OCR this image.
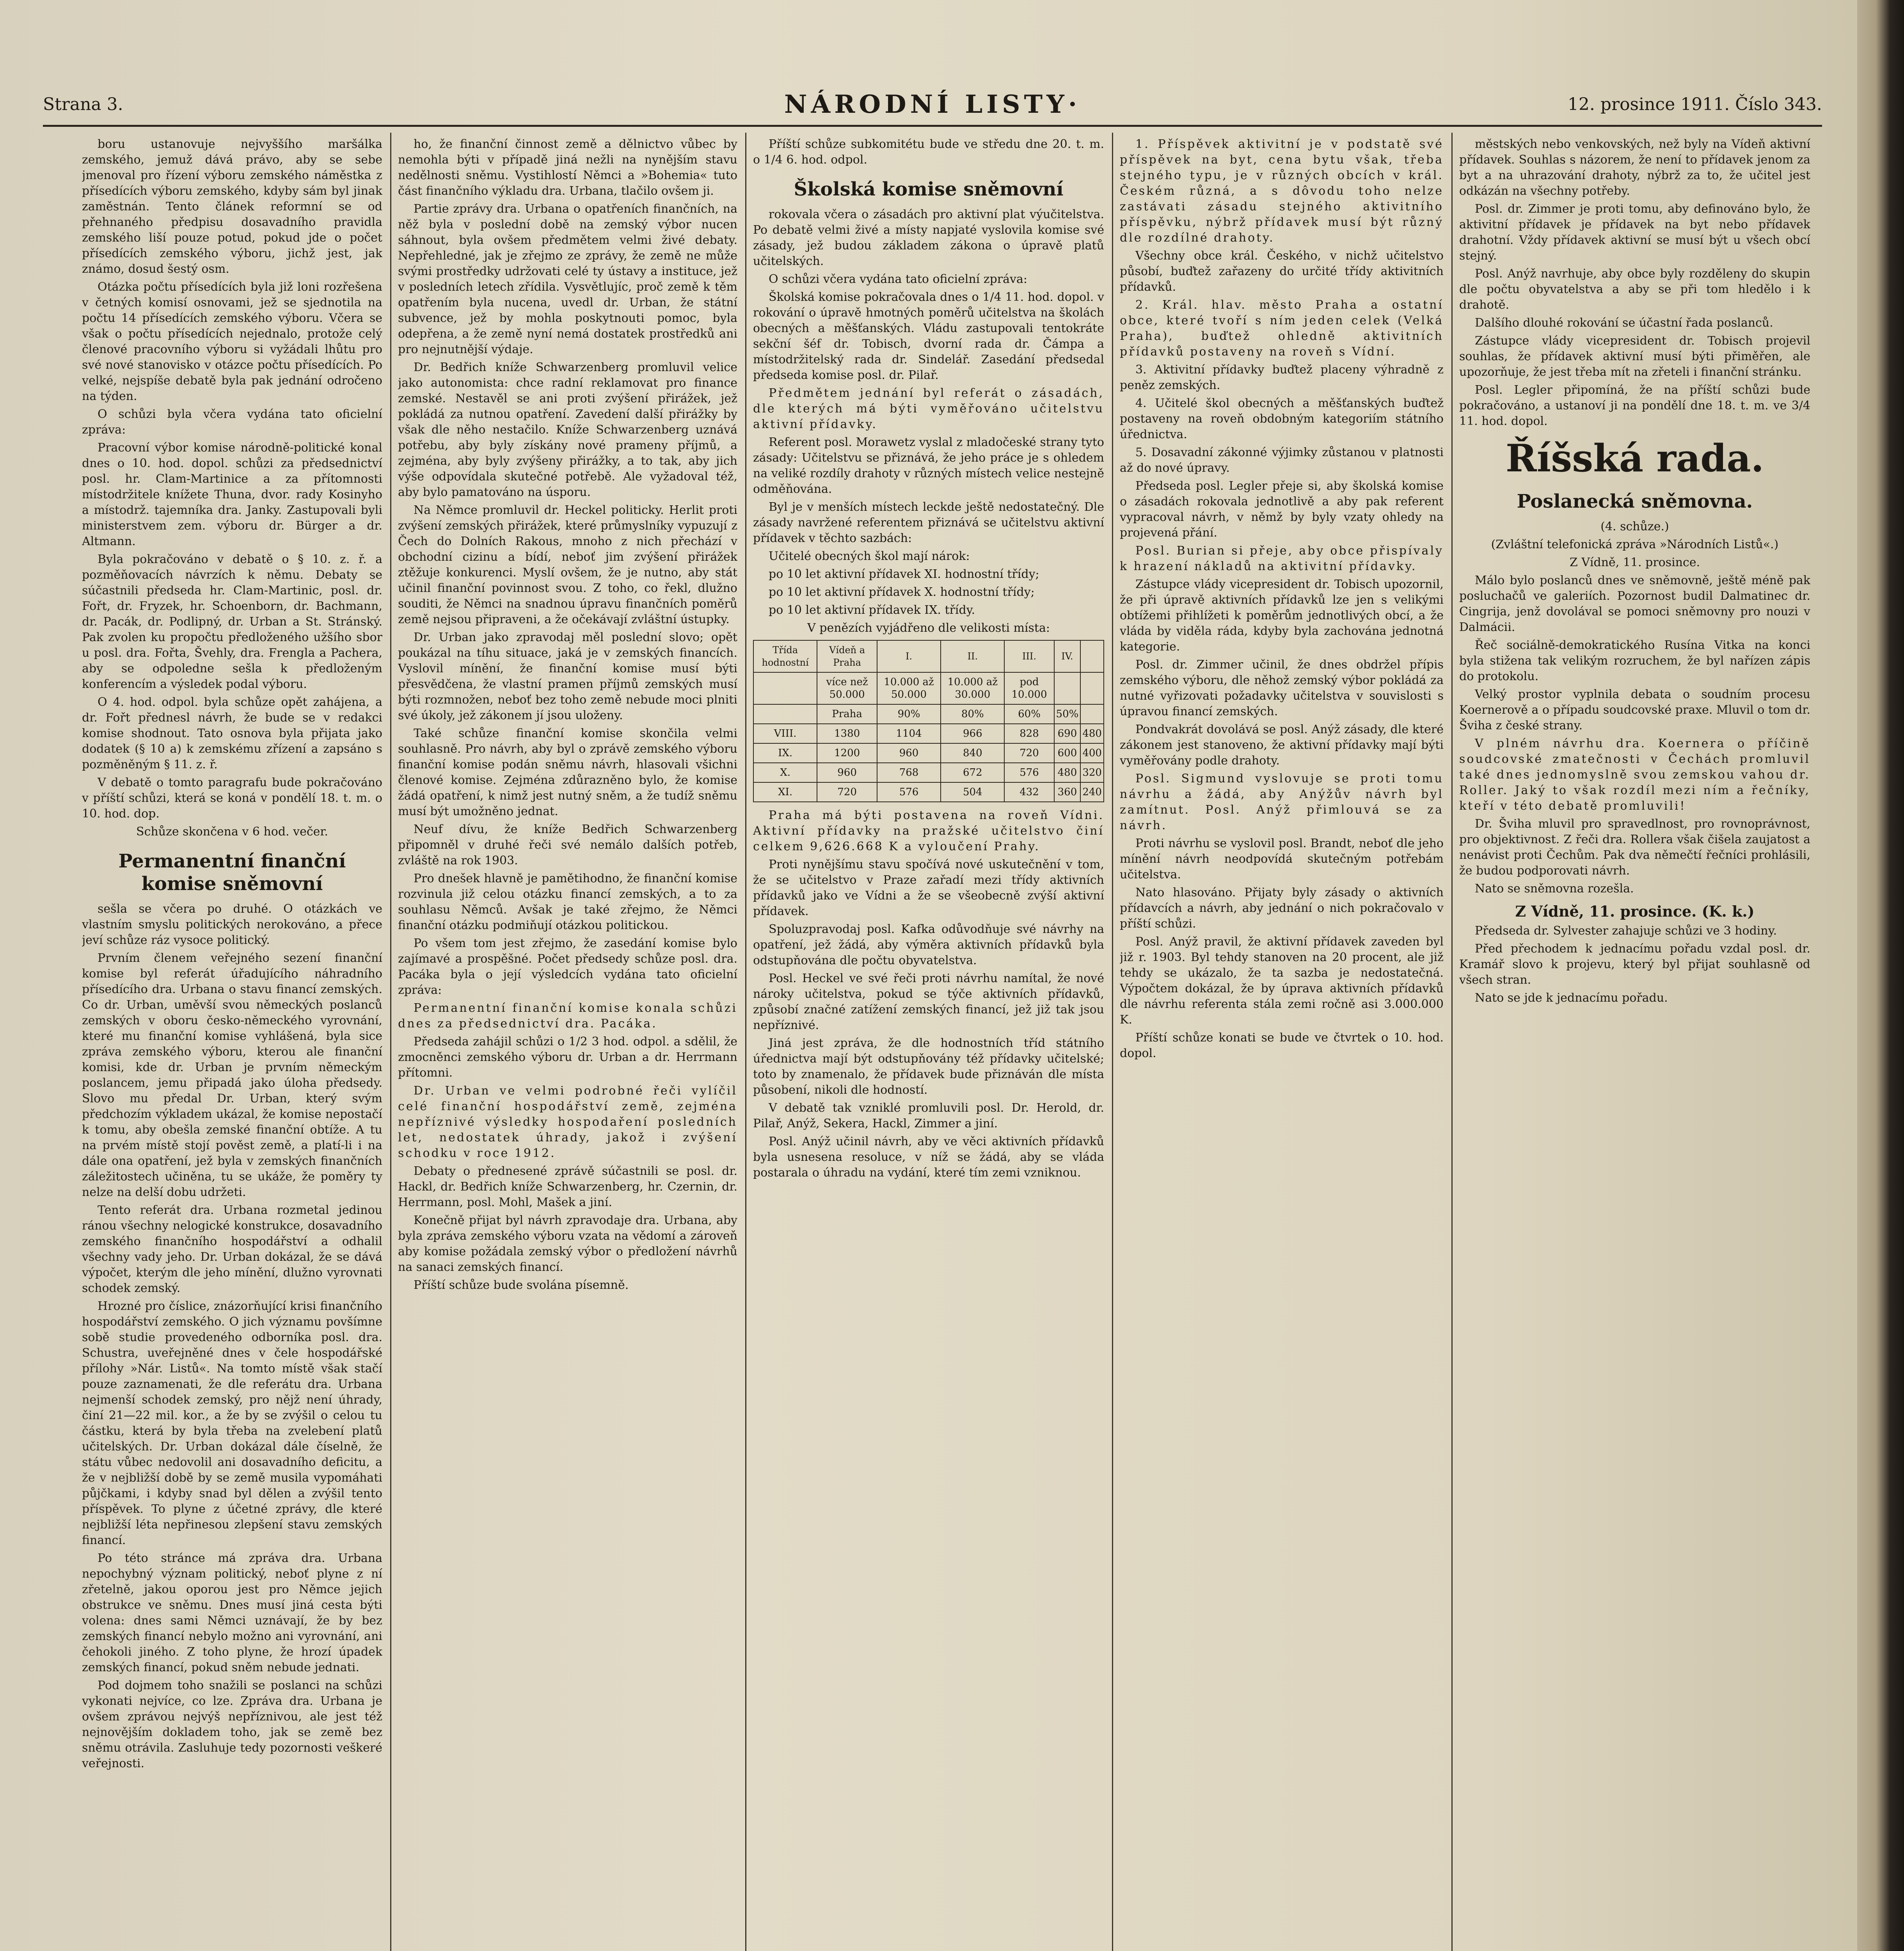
Strana 3.	NÁRODNÍ LISTY·	12. prosince 1911. Číslo 343.

boru ustanovuje nejvyššího maršálka zemského, jemuž dává právo, aby se sebe jmenoval pro řízení výboru zemského náměstka z přísedících výboru zemského, kdyby sám byl jinak zaměstnán. Tento článek reformní se od přehnaného předpisu dosavadního pravidla zemského liší pouze potud, pokud jde o počet přísedících zemského výboru, jichž jest, jak známo, dosud šestý osm.

Otázka počtu přísedících byla již loni rozřešena v četných komisí osnovami, jež se sjednotila na počtu 14 přísedících zemského výboru. Včera se však o počtu přísedících nejednalo, protože celý členové pracovního výboru si vyžádali lhůtu pro své nové stanovisko v otázce počtu přísedících. Po velké, nejspíše debatě byla pak jednání odročeno na týden.

O schůzi byla včera vydána tato oficielní zpráva:

Pracovní výbor komise národně-politické konal dnes o 10. hod. dopol. schůzi za předsednictví posl. hr. Clam-Martinice a za přítomnosti místodržitele knížete Thuna, dvor. rady Kosinyho a místodrž. tajemníka dra. Janky. Zastupovali byli ministerstvem zem. výboru dr. Bürger a dr. Altmann.

Byla pokračováno v debatě o § 10. z. ř. a pozměňovacích návrzích k němu. Debaty se súčastnili předseda hr. Clam-Martinic, posl. dr. Fořt, dr. Fryzek, hr. Schoenborn, dr. Bachmann, dr. Pacák, dr. Podlipný, dr. Urban a St. Stránský. Pak zvolen ku propočtu předloženého užšího sbor u posl. dra. Fořta, Švehly, dra. Frengla a Pachera, aby se odpoledne sešla k předloženým konferencím a výsledek podal výboru.

O 4. hod. odpol. byla schůze opět zahájena, a dr. Fořt přednesl návrh, že bude se v redakci komise shodnout. Tato osnova byla přijata jako dodatek (§ 10 a) k zemskému zřízení a zapsáno s pozměněným § 11. z. ř.

V debatě o tomto paragrafu bude pokračováno v příští schůzi, která se koná v pondělí 18. t. m. o 10. hod. dop.

Schůze skončena v 6 hod. večer.

Permanentní finanční komise sněmovní

sešla se včera po druhé. O otázkách ve vlastním smyslu politických nerokováno, a přece jeví schůze ráz vysoce politický.

Prvním členem veřejného sezení finanční komise byl referát úřadujícího náhradního přísedícího dra. Urbana o stavu financí zemských. Co dr. Urban, uměvší svou německých poslanců zemských v oboru česko-německého vyrovnání, které mu finanční komise vyhlášená, byla sice zpráva zemského výboru, kterou ale finanční komisi, kde dr. Urban je prvním německým poslancem, jemu připadá jako úloha předsedy. Slovo mu předal Dr. Urban, který svým předchozím výkladem ukázal, že komise nepostačí k tomu, aby obešla zemské finanční obtíže. A tu na prvém místě stojí pověst země, a platí-li i na dále ona opatření, jež byla v zemských finančních záležitostech učiněna, tu se ukáže, že poměry ty nelze na delší dobu udržeti.

Tento referát dra. Urbana rozmetal jedinou ránou všechny nelogické konstrukce, dosavadního zemského finančního hospodářství a odhalil všechny vady jeho. Dr. Urban dokázal, že se dává výpočet, kterým dle jeho mínění, dlužno vyrovnati schodek zemský.

Hrozné pro číslice, znázorňující krisi finančního hospodářství zemského. O jich významu povšímne sobě studie provedeného odborníka posl. dra. Schustra, uveřejněné dnes v čele hospodářské přílohy »Nár. Listů«. Na tomto místě však stačí pouze zaznamenati, že dle referátu dra. Urbana nejmenší schodek zemský, pro nějž není úhrady, činí 21—22 mil. kor., a že by se zvýšil o celou tu částku, která by byla třeba na zvelebení platů učitelských. Dr. Urban dokázal dále číselně, že státu vůbec nedovolil ani dosavadního deficitu, a že v nejbližší době by se země musila vypomáhati půjčkami, i kdyby snad byl dělen a zvýšil tento příspěvek. To plyne z účetné zprávy, dle které nejbližší léta nepřinesou zlepšení stavu zemských financí.

Po této stránce má zpráva dra. Urbana nepochybný význam politický, neboť plyne z ní zřetelně, jakou oporou jest pro Němce jejich obstrukce ve sněmu. Dnes musí jiná cesta býti volena: dnes sami Němci uznávají, že by bez zemských financí nebylo možno ani vyrovnání, ani čehokoli jiného. Z toho plyne, že hrozí úpadek zemských financí, pokud sněm nebude jednati.

Pod dojmem toho snažili se poslanci na schůzi vykonati nejvíce, co lze. Zpráva dra. Urbana je ovšem zprávou nejvýš nepříznivou, ale jest též nejnovějším dokladem toho, jak se země bez sněmu otrávila. Zasluhuje tedy pozornosti veškeré veřejnosti.

ho, že finanční činnost země a dělnictvo vůbec by nemohla býti v případě jiná nežli na nynějším stavu nedělnosti sněmu. Vystihlostí Němci a »Bohemia« tuto část finančního výkladu dra. Urbana, tlačilo ovšem ji.

Partie zprávy dra. Urbana o opatřeních finančních, na něž byla v poslední době na zemský výbor nucen sáhnout, byla ovšem předmětem velmi živé debaty. Nepřehledné, jak je zřejmo ze zprávy, že země ne může svými prostředky udržovati celé ty ústavy a instituce, jež v posledních letech zřídila. Vysvětlujíc, proč země k těm opatřením byla nucena, uvedl dr. Urban, že státní subvence, jež by mohla poskytnouti pomoc, byla odepřena, a že země nyní nemá dostatek prostředků ani pro nejnutnější výdaje.

Dr. Bedřich kníže Schwarzenberg promluvil velice jako autonomista: chce radní reklamovat pro finance zemské. Nestavěl se ani proti zvýšení přirážek, jež pokládá za nutnou opatření. Zavedení další přirážky by však dle něho nestačilo. Kníže Schwarzenberg uznává potřebu, aby byly získány nové prameny příjmů, a zejména, aby byly zvýšeny přirážky, a to tak, aby jich výše odpovídala skutečné potřebě. Ale vyžadoval též, aby bylo pamatováno na úsporu.

Na Němce promluvil dr. Heckel politicky. Herlit proti zvýšení zemských přirážek, které průmyslníky vypuzují z Čech do Dolních Rakous, mnoho z nich přechází v obchodní cizinu a bídí, neboť jim zvýšení přirážek ztěžuje konkurenci. Myslí ovšem, že je nutno, aby stát učinil finanční povinnost svou. Z toho, co řekl, dlužno souditi, že Němci na snadnou úpravu finančních poměrů země nejsou připraveni, a že očekávají zvláštní ústupky.

Dr. Urban jako zpravodaj měl poslední slovo; opět poukázal na tíhu situace, jaká je v zemských financích. Vyslovil mínění, že finanční komise musí býti přesvědčena, že vlastní pramen příjmů zemských musí býti rozmnožen, neboť bez toho země nebude moci plniti své úkoly, jež zákonem jí jsou uloženy.

Také schůze finanční komise skončila velmi souhlasně. Pro návrh, aby byl o zprávě zemského výboru finanční komise podán sněmu návrh, hlasovali všichni členové komise. Zejména zdůrazněno bylo, že komise žádá opatření, k nimž jest nutný sněm, a že tudíž sněmu musí být umožněno jednat.

Neuf dívu, že kníže Bedřich Schwarzenberg připomněl v druhé řeči své nemálo dalších potřeb, zvláště na rok 1903.

Pro dnešek hlavně je pamětihodno, že finanční komise rozvinula již celou otázku financí zemských, a to za souhlasu Němců. Avšak je také zřejmo, že Němci finanční otázku podmiňují otázkou politickou.

Po všem tom jest zřejmo, že zasedání komise bylo zajímavé a prospěšné. Počet předsedy schůze posl. dra. Pacáka byla o její výsledcích vydána tato oficielní zpráva:

Permanentní finanční komise konala schůzi dnes za předsednictví dra. Pacáka.

Předseda zahájil schůzi o 1/2 3 hod. odpol. a sdělil, že zmocněnci zemského výboru dr. Urban a dr. Herrmann přítomni.

Dr. Urban ve velmi podrobné řeči vylíčil celé finanční hospodářství země, zejména nepříznivé výsledky hospodaření posledních let, nedostatek úhrady, jakož i zvýšení schodku v roce 1912.

Debaty o přednesené zprávě súčastnili se posl. dr. Hackl, dr. Bedřich kníže Schwarzenberg, hr. Czernin, dr. Herrmann, posl. Mohl, Mašek a jiní.

Konečně přijat byl návrh zpravodaje dra. Urbana, aby byla zpráva zemského výboru vzata na vědomí a zároveň aby komise požádala zemský výbor o předložení návrhů na sanaci zemských financí.

Příští schůze bude svolána písemně.

Příští schůze subkomitétu bude ve středu dne 20. t. m. o 1/4 6. hod. odpol.

Školská komise sněmovní

rokovala včera o zásadách pro aktivní plat výučitelstva. Po debatě velmi živé a místy napjaté vyslovila komise své zásady, jež budou základem zákona o úpravě platů učitelských.

O schůzi včera vydána tato oficielní zpráva:

Školská komise pokračovala dnes o 1/4 11. hod. dopol. v rokování o úpravě hmotných poměrů učitelstva na školách obecných a měšťanských. Vládu zastupovali tentokráte sekční šéf dr. Tobisch, dvorní rada dr. Čámpa a místodržitelský rada dr. Sindelář. Zasedání předsedal předseda komise posl. dr. Pilař.

Předmětem jednání byl referát o zásadách, dle kterých má býti vyměřováno učitelstvu aktivní přídavky.

Referent posl. Morawetz vyslal z mladočeské strany tyto zásady: Učitelstvu se přiznává, že jeho práce je s ohledem na veliké rozdíly drahoty v různých místech velice nestejně odměňována.

Byl je v menších místech leckde ještě nedostatečný. Dle zásady navržené referentem přiznává se učitelstvu aktivní přídavek v těchto sazbách:

Učitelé obecných škol mají nárok:

po 10 let aktivní přídavek XI. hodnostní třídy;

po 10 let aktivní přídavek X. hodnostní třídy;

po 10 let aktivní přídavek IX. třídy.

V penězích vyjádřeno dle velikosti místa:

Třída hodnostní	Vídeň a Praha	I.	II.	III.	IV.	
	více než 50.000	10.000 až 50.000	10.000 až 30.000	pod 10.000		
	Praha	90%	80%	60%	50%	
VIII.	1380	1104	966	828	690	480
IX.	1200	960	840	720	600	400
X.	960	768	672	576	480	320
XI.	720	576	504	432	360	240

Praha má býti postavena na roveň Vídni. Aktivní přídavky na pražské učitelstvo činí celkem 9,626.668 K a vyloučení Prahy.

Proti nynějšímu stavu spočívá nové uskutečnění v tom, že se učitelstvo v Praze zařadí mezi třídy aktivních přídavků jako ve Vídni a že se všeobecně zvýší aktivní přídavek.

Spoluzpravodaj posl. Kafka odůvodňuje své návrhy na opatření, jež žádá, aby výměra aktivních přídavků byla odstupňována dle počtu obyvatelstva.

Posl. Heckel ve své řeči proti návrhu namítal, že nové nároky učitelstva, pokud se týče aktivních přídavků, způsobí značné zatížení zemských financí, jež již tak jsou nepříznivé.

Jiná jest zpráva, že dle hodnostních tříd státního úřednictva mají být odstupňovány též přídavky učitelské; toto by znamenalo, že přídavek bude přiznáván dle místa působení, nikoli dle hodností.

V debatě tak vzniklé promluvili posl. Dr. Herold, dr. Pilař, Anýž, Sekera, Hackl, Zimmer a jiní.

Posl. Anýž učinil návrh, aby ve věci aktivních přídavků byla usnesena resoluce, v níž se žádá, aby se vláda postarala o úhradu na vydání, které tím zemi vzniknou.

1. Příspěvek aktivitní je v podstatě své příspěvek na byt, cena bytu však, třeba stejného typu, je v různých obcích v král. Českém různá, a s dôvodu toho nelze zastávati zásadu stejného aktivitního příspěvku, nýbrž přídavek musí být různý dle rozdílné drahoty.

Všechny obce král. Českého, v nichž učitelstvo působí, buďtež zařazeny do určité třídy aktivitních přídavků.

2. Král. hlav. město Praha a ostatní obce, které tvoří s ním jeden celek (Velká Praha), buďtež ohledně aktivitních přídavků postaveny na roveň s Vídní.

3. Aktivitní přídavky buďtež placeny výhradně z peněz zemských.

4. Učitelé škol obecných a měšťanských buďtež postaveny na roveň obdobným kategoriím státního úřednictva.

5. Dosavadní zákonné výjimky zůstanou v platnosti až do nové úpravy.

Předseda posl. Legler přeje si, aby školská komise o zásadách rokovala jednotlivě a aby pak referent vypracoval návrh, v němž by byly vzaty ohledy na projevená přání.

Posl. Burian si přeje, aby obce přispívaly k hrazení nákladů na aktivitní přídavky.

Zástupce vlády vicepresident dr. Tobisch upozornil, že při úpravě aktivních přídavků lze jen s velikými obtížemi přihlížeti k poměrům jednotlivých obcí, a že vláda by viděla ráda, kdyby byla zachována jednotná kategorie.

Posl. dr. Zimmer učinil, že dnes obdržel přípis zemského výboru, dle něhož zemský výbor pokládá za nutné vyřizovati požadavky učitelstva v souvislosti s úpravou financí zemských.

Pondvakrát dovolává se posl. Anýž zásady, dle které zákonem jest stanoveno, že aktivní přídavky mají býti vyměřovány podle drahoty.

Posl. Sigmund vyslovuje se proti tomu návrhu a žádá, aby Anýžův návrh byl zamítnut. Posl. Anýž přimlouvá se za návrh.

Proti návrhu se vyslovil posl. Brandt, neboť dle jeho mínění návrh neodpovídá skutečným potřebám učitelstva.

Nato hlasováno. Přijaty byly zásady o aktivních přídavcích a návrh, aby jednání o nich pokračovalo v příští schůzi.

Posl. Anýž pravil, že aktivní přídavek zaveden byl již r. 1903. Byl tehdy stanoven na 20 procent, ale již tehdy se ukázalo, že ta sazba je nedostatečná. Výpočtem dokázal, že by úprava aktivních přídavků dle návrhu referenta stála zemi ročně asi 3.000.000 K.

Příští schůze konati se bude ve čtvrtek o 10. hod. dopol.

městských nebo venkovských, než byly na Vídeň aktivní přídavek. Souhlas s názorem, že není to přídavek jenom za byt a na uhrazování drahoty, nýbrž za to, že učitel jest odkázán na všechny potřeby.

Posl. dr. Zimmer je proti tomu, aby definováno bylo, že aktivitní přídavek je přídavek na byt nebo přídavek drahotní. Vždy přídavek aktivní se musí být u všech obcí stejný.

Posl. Anýž navrhuje, aby obce byly rozděleny do skupin dle počtu obyvatelstva a aby se při tom hledělo i k drahotě.

Dalšího dlouhé rokování se účastní řada poslanců.

Zástupce vlády vicepresident dr. Tobisch projevil souhlas, že přídavek aktivní musí býti přiměřen, ale upozorňuje, že jest třeba mít na zřeteli i finanční stránku.

Posl. Legler připomíná, že na příští schůzi bude pokračováno, a ustanoví ji na pondělí dne 18. t. m. ve 3/4 11. hod. dopol.

Říšská rada.
Poslanecká sněmovna.

(4. schůze.)

(Zvláštní telefonická zpráva »Národních Listů«.)

Z Vídně, 11. prosince.

Málo bylo poslanců dnes ve sněmovně, ještě méně pak posluchačů ve galeriích. Pozornost budil Dalmatinec dr. Cingrija, jenž dovolával se pomoci sněmovny pro nouzi v Dalmácii.

Řeč sociálně-demokratického Rusína Vitka na konci byla stižena tak velikým rozruchem, že byl nařízen zápis do protokolu.

Velký prostor vyplnila debata o soudním procesu Koernerově a o případu soudcovské praxe. Mluvil o tom dr. Šviha z české strany.

V plném návrhu dra. Koernera o příčině soudcovské zmatečnosti v Čechách promluvil také dnes jednomyslně svou zemskou vahou dr. Roller. Jaký to však rozdíl mezi ním a řečníky, kteří v této debatě promluvili!

Dr. Šviha mluvil pro spravedlnost, pro rovnoprávnost, pro objektivnost. Z řeči dra. Rollera však čišela zaujatost a nenávist proti Čechům. Pak dva němečtí řečníci prohlásili, že budou podporovati návrh.

Nato se sněmovna rozešla.

Z Vídně, 11. prosince. (K. k.)

Předseda dr. Sylvester zahajuje schůzi ve 3 hodiny.

Před přechodem k jednacímu pořadu vzdal posl. dr. Kramář slovo k projevu, který byl přijat souhlasně od všech stran.

Nato se jde k jednacímu pořadu.
